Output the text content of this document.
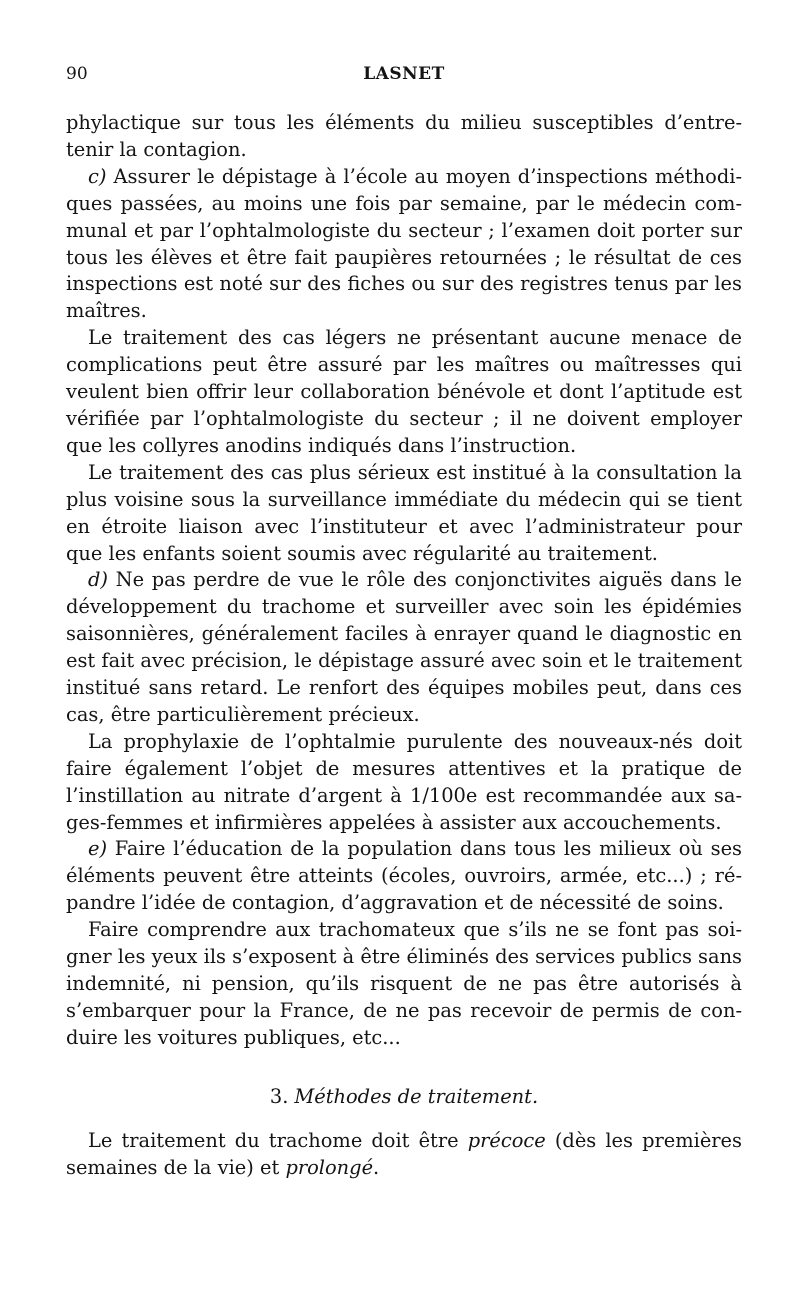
90	LASNET

phylactique sur tous les éléments du milieu susceptibles d’entretenir la contagion.

c) Assurer le dépistage à l’école au moyen d’inspections méthodiques passées, au moins une fois par semaine, par le médecin communal et par l’ophtalmologiste du secteur ; l’examen doit porter sur tous les élèves et être fait paupières retournées ; le résultat de ces inspections est noté sur des fiches ou sur des registres tenus par les maîtres.

Le traitement des cas légers ne présentant aucune menace de complications peut être assuré par les maîtres ou maîtresses qui veulent bien offrir leur collaboration bénévole et dont l’aptitude est vérifiée par l’ophtalmologiste du secteur ; il ne doivent employer que les collyres anodins indiqués dans l’instruction.

Le traitement des cas plus sérieux est institué à la consultation la plus voisine sous la surveillance immédiate du médecin qui se tient en étroite liaison avec l’instituteur et avec l’administrateur pour que les enfants soient soumis avec régularité au traitement.

d) Ne pas perdre de vue le rôle des conjonctivites aiguës dans le développement du trachome et surveiller avec soin les épidémies saisonnières, généralement faciles à enrayer quand le diagnostic en est fait avec précision, le dépistage assuré avec soin et le traitement institué sans retard. Le renfort des équipes mobiles peut, dans ces cas, être particulièrement précieux.

La prophylaxie de l’ophtalmie purulente des nouveaux-nés doit faire également l’objet de mesures attentives et la pratique de l’instillation au nitrate d’argent à 1/100e est recommandée aux sages-femmes et infirmières appelées à assister aux accouchements.

e) Faire l’éducation de la population dans tous les milieux où ses éléments peuvent être atteints (écoles, ouvroirs, armée, etc...) ; répandre l’idée de contagion, d’aggravation et de nécessité de soins.

Faire comprendre aux trachomateux que s’ils ne se font pas soigner les yeux ils s’exposent à être éliminés des services publics sans indemnité, ni pension, qu’ils risquent de ne pas être autorisés à s’embarquer pour la France, de ne pas recevoir de permis de conduire les voitures publiques, etc...

3. Méthodes de traitement.

Le traitement du trachome doit être précoce (dès les premières semaines de la vie) et prolongé.
